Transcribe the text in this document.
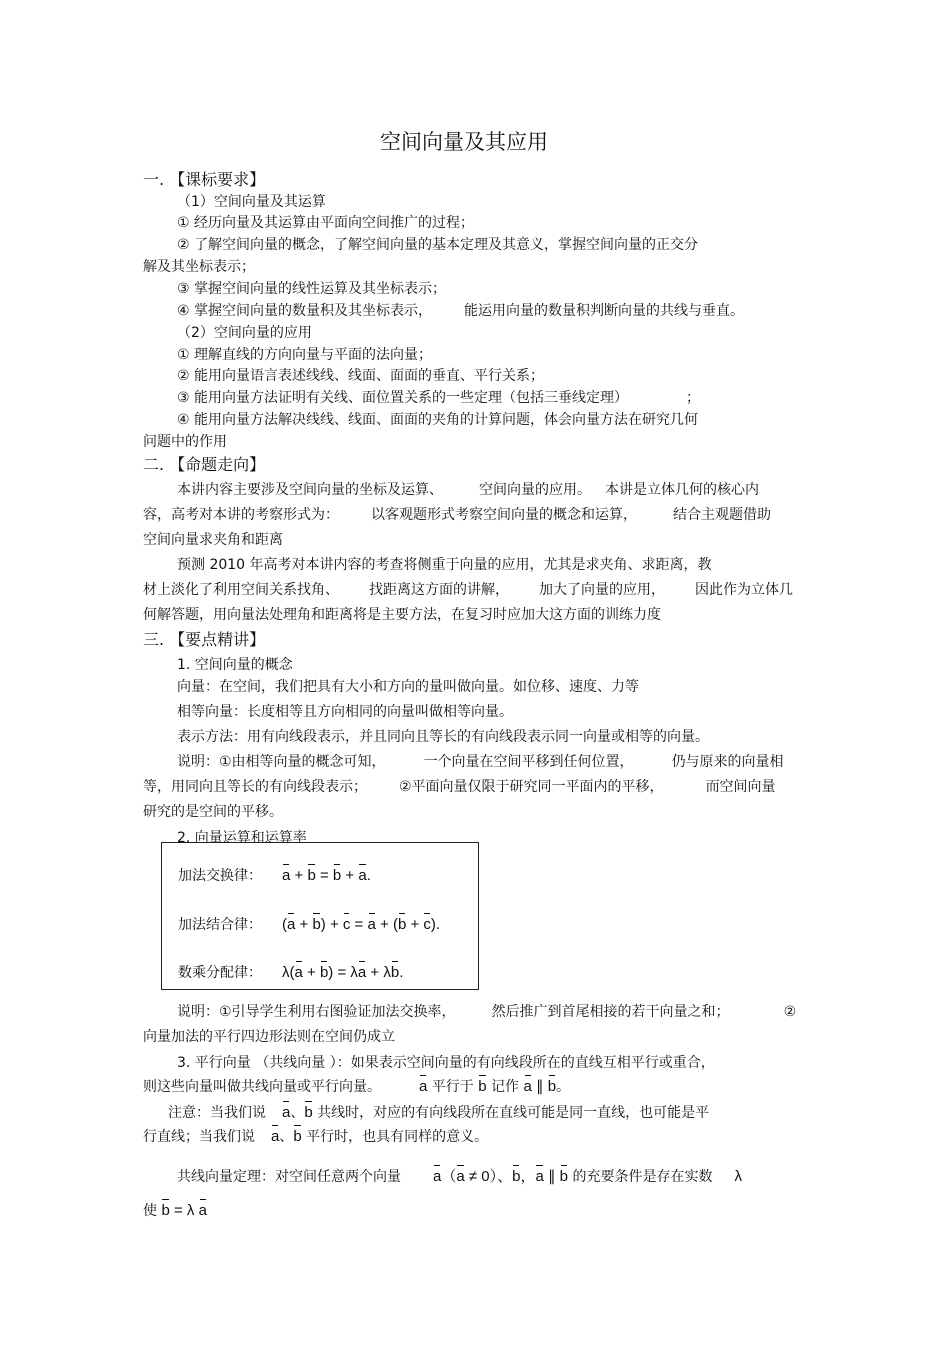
空间向量及其应用
一. 【课标要求】
（1）空间向量及其运算
① 经历向量及其运算由平面向空间推广的过程；
② 了解空间向量的概念，了解空间向量的基本定理及其意义，掌握空间向量的正交分
解及其坐标表示；
③ 掌握空间向量的线性运算及其坐标表示；
④ 掌握空间向量的数量积及其坐标表示， 能运用向量的数量积判断向量的共线与垂直。
（2）空间向量的应用
① 理解直线的方向向量与平面的法向量；
② 能用向量语言表述线线、线面、面面的垂直、平行关系；
③ 能用向量方法证明有关线、面位置关系的一些定理（包括三垂线定理）	；
④ 能用向量方法解决线线、线面、面面的夹角的计算问题，体会向量方法在研究几何
问题中的作用
二. 【命题走向】
本讲内容主要涉及空间向量的坐标及运算、	空间向量的应用。 本讲是立体几何的核心内
容，高考对本讲的考察形式为： 以客观题形式考察空间向量的概念和运算，	结合主观题借助
空间向量求夹角和距离
预测 2010 年高考对本讲内容的考查将侧重于向量的应用，尤其是求夹角、求距离，教
材上淡化了利用空间关系找角、 找距离这方面的讲解， 加大了向量的应用， 因此作为立体几
何解答题，用向量法处理角和距离将是主要方法，在复习时应加大这方面的训练力度
三. 【要点精讲】
1. 空间向量的概念
向量：在空间，我们把具有大小和方向的量叫做向量。如位移、速度、力等
相等向量：长度相等且方向相同的向量叫做相等向量。
表示方法：用有向线段表示，并且同向且等长的有向线段表示同一向量或相等的向量。
说明：①由相等向量的概念可知，	一个向量在空间平移到任何位置，	仍与原来的向量相
等，用同向且等长的有向线段表示； ②平面向量仅限于研究同一平面内的平移，	而空间向量
研究的是空间的平移。
2. 向量运算和运算率
加法交换律： a + b = b + a.
加法结合律： (a + b) + c = a + (b + c).
数乘分配律： λ(a + b) = λa + λb.
说明：①引导学生利用右图验证加法交换率，	然后推广到首尾相接的若干向量之和；	②
向量加法的平行四边形法则在空间仍成立
3. 平行向量 （共线向量 ）：如果表示空间向量的有向线段所在的直线互相平行或重合，
则这些向量叫做共线向量或平行向量。	a 平行于 b 记作 a ∥ b。
注意：当我们说 a、b 共线时，对应的有向线段所在直线可能是同一直线，也可能是平
行直线；当我们说 a、b 平行时，也具有同样的意义。
共线向量定理：对空间任意两个向量 a（a ≠ 0）、b，a ∥ b 的充要条件是存在实数 λ
使 b = λ a
